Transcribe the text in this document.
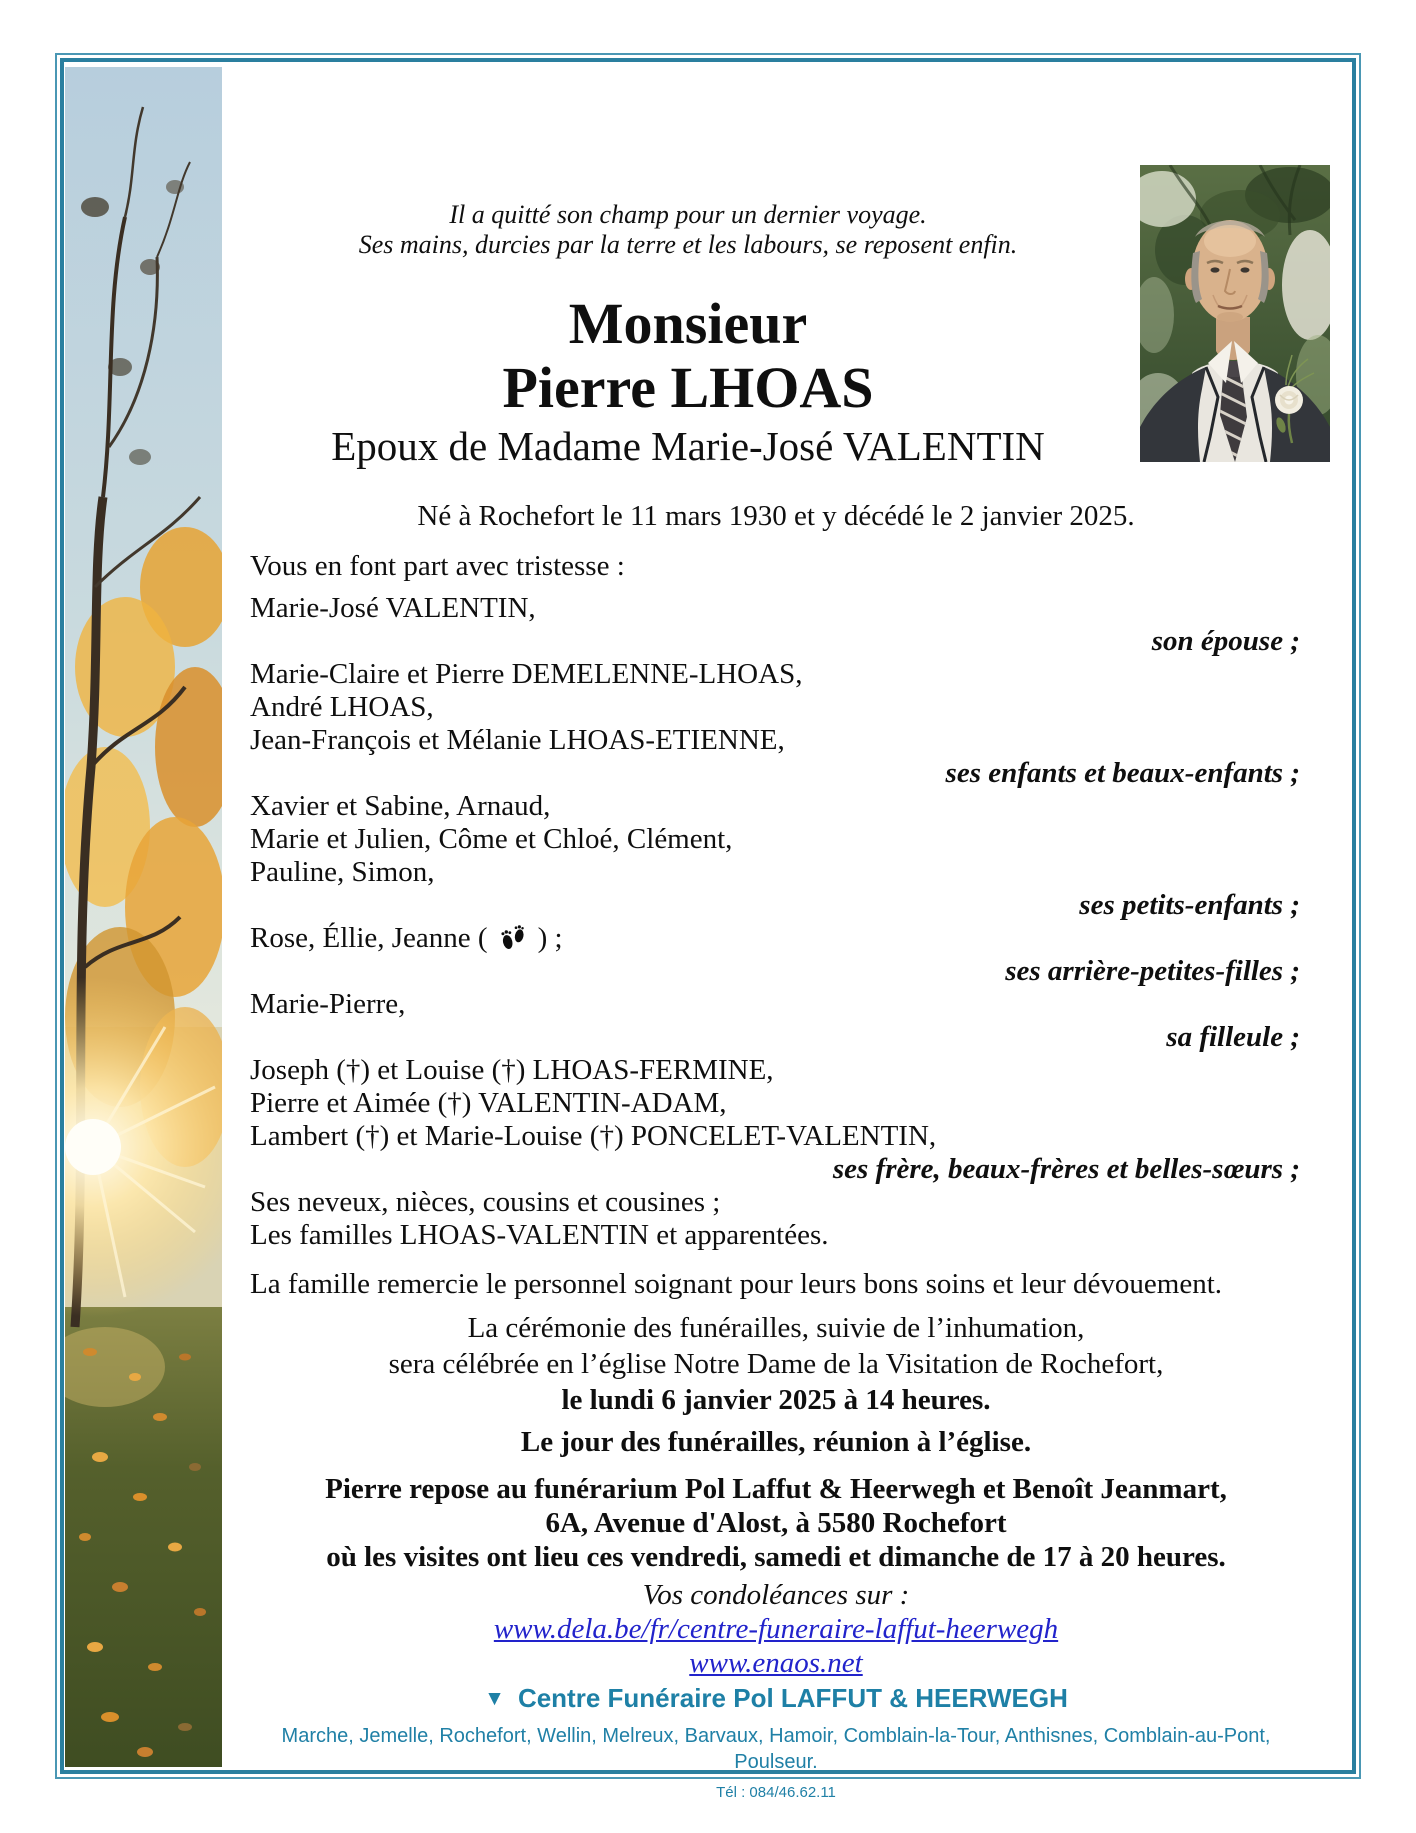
Il a quitté son champ pour un dernier voyage.
Ses mains, durcies par la terre et les labours, se reposent enfin.
Monsieur
Pierre LHOAS
Epoux de Madame Marie-José VALENTIN
Né à Rochefort le 11 mars 1930 et y décédé le 2 janvier 2025.
Vous en font part avec tristesse :
Marie-José VALENTIN,
son épouse ;
Marie-Claire et Pierre DEMELENNE-LHOAS,
André LHOAS,
Jean-François et Mélanie LHOAS-ETIENNE,
ses enfants et beaux-enfants ;
Xavier et Sabine, Arnaud,
Marie et Julien, Côme et Chloé, Clément,
Pauline, Simon,
ses petits-enfants ;
Rose, Éllie, Jeanne ( ) ;
ses arrière-petites-filles ;
Marie-Pierre,
sa filleule ;
Joseph (†) et Louise (†) LHOAS-FERMINE,
Pierre et Aimée (†) VALENTIN-ADAM,
Lambert (†) et Marie-Louise (†) PONCELET-VALENTIN,
ses frère, beaux-frères et belles-sœurs ;
Ses neveux, nièces, cousins et cousines ;
Les familles LHOAS-VALENTIN et apparentées.
La famille remercie le personnel soignant pour leurs bons soins et leur dévouement.
La cérémonie des funérailles, suivie de l’inhumation,
sera célébrée en l’église Notre Dame de la Visitation de Rochefort,
le lundi 6 janvier 2025 à 14 heures.
Le jour des funérailles, réunion à l’église.
Pierre repose au funérarium Pol Laffut & Heerwegh et Benoît Jeanmart,
6A, Avenue d'Alost, à 5580 Rochefort
où les visites ont lieu ces vendredi, samedi et dimanche de 17 à 20 heures.
Vos condoléances sur :
www.dela.be/fr/centre-funeraire-laffut-heerwegh
www.enaos.net
▼ Centre Funéraire Pol LAFFUT & HEERWEGH
Marche, Jemelle, Rochefort, Wellin, Melreux, Barvaux, Hamoir, Comblain-la-Tour, Anthisnes, Comblain-au-Pont, Poulseur.
Tél : 084/46.62.11
